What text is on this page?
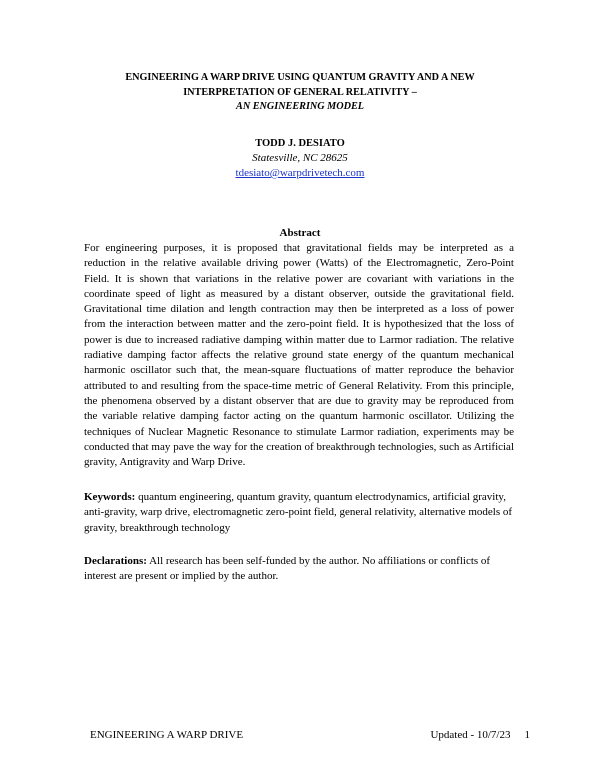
ENGINEERING A WARP DRIVE USING QUANTUM GRAVITY AND A NEW
INTERPRETATION OF GENERAL RELATIVITY –
AN ENGINEERING MODEL
TODD J. DESIATO
Statesville, NC 28625
tdesiato@warpdrivetech.com
Abstract

For engineering purposes, it is proposed that gravitational fields may be interpreted as a reduction in the relative available driving power (Watts) of the Electromagnetic, Zero-Point Field. It is shown that variations in the relative power are covariant with variations in the coordinate speed of light as measured by a distant observer, outside the gravitational field. Gravitational time dilation and length contraction may then be interpreted as a loss of power from the interaction between matter and the zero-point field. It is hypothesized that the loss of power is due to increased radiative damping within matter due to Larmor radiation. The relative radiative damping factor affects the relative ground state energy of the quantum mechanical harmonic oscillator such that, the mean-square fluctuations of matter reproduce the behavior attributed to and resulting from the space-time metric of General Relativity. From this principle, the phenomena observed by a distant observer that are due to gravity may be reproduced from the variable relative damping factor acting on the quantum harmonic oscillator. Utilizing the techniques of Nuclear Magnetic Resonance to stimulate Larmor radiation, experiments may be conducted that may pave the way for the creation of breakthrough technologies, such as Artificial gravity, Antigravity and Warp Drive.

Keywords: quantum engineering, quantum gravity, quantum electrodynamics, artificial gravity, anti-gravity, warp drive, electromagnetic zero-point field, general relativity, alternative models of gravity, breakthrough technology

Declarations: All research has been self-funded by the author. No affiliations or conflicts of interest are present or implied by the author.

ENGINEERING A WARP DRIVE	Updated - 10/7/23 1
